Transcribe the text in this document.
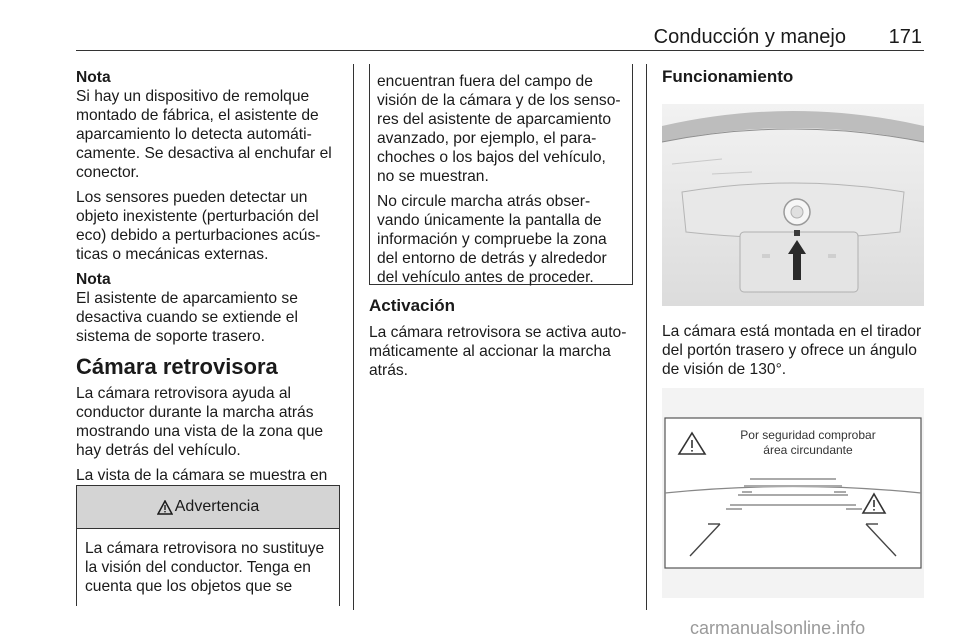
Conducción y manejo 171

Nota
Si hay un dispositivo de remolque montado de fábrica, el asistente de aparcamiento lo detecta automáti- camente. Se desactiva al enchufar el conector.

Los sensores pueden detectar un objeto inexistente (perturbación del eco) debido a perturbaciones acús- ticas o mecánicas externas.

Nota
El asistente de aparcamiento se desactiva cuando se extiende el sistema de soporte trasero.

Cámara retrovisora

La cámara retrovisora ayuda al conductor durante la marcha atrás mostrando una vista de la zona que hay detrás del vehículo.

La vista de la cámara se muestra en

Advertencia
La cámara retrovisora no sustituye la visión del conductor. Tenga en cuenta que los objetos que se

encuentran fuera del campo de visión de la cámara y de los senso- res del asistente de aparcamiento avanzado, por ejemplo, el para- choches o los bajos del vehículo, no se muestran.

No circule marcha atrás obser- vando únicamente la pantalla de información y compruebe la zona del entorno de detrás y alrededor del vehículo antes de proceder.

Activación

La cámara retrovisora se activa auto- máticamente al accionar la marcha atrás.

Funcionamiento

La cámara está montada en el tirador del portón trasero y ofrece un ángulo de visión de 130°.

Por seguridad comprobar
área circundante
carmanualsonline.info
